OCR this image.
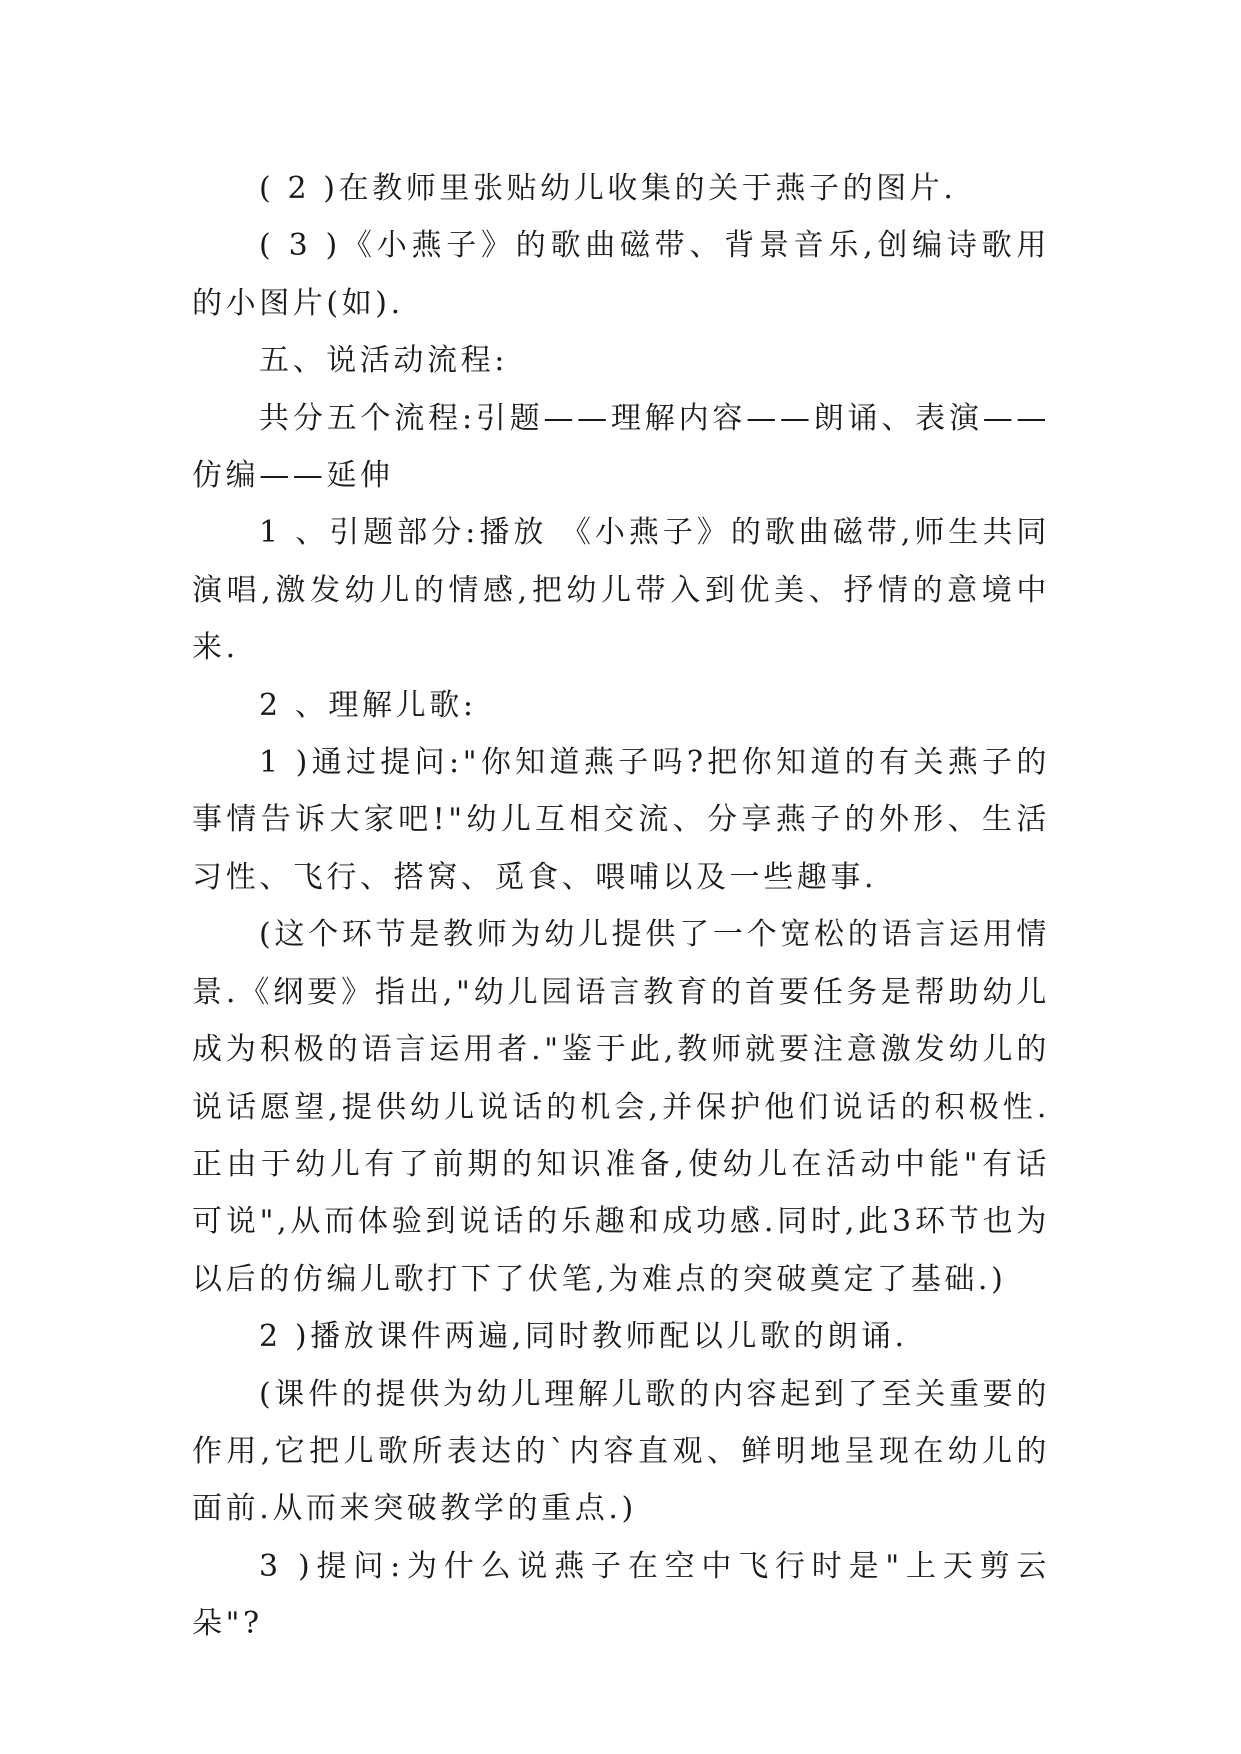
( 2 )在教师里张贴幼儿收集的关于燕子的图片.

( 3 )《小燕子》的歌曲磁带、背景音乐,创编诗歌用的小图片(如).

五、说活动流程:

共分五个流程:引题——理解内容——朗诵、表演——仿编——延伸

1 、引题部分:播放 《小燕子》的歌曲磁带,师生共同演唱,激发幼儿的情感,把幼儿带入到优美、抒情的意境中来.

2 、理解儿歌:

1 )通过提问:"你知道燕子吗?把你知道的有关燕子的事情告诉大家吧!"幼儿互相交流、分享燕子的外形、生活习性、飞行、搭窝、觅食、喂哺以及一些趣事.

(这个环节是教师为幼儿提供了一个宽松的语言运用情景.《纲要》指出,"幼儿园语言教育的首要任务是帮助幼儿成为积极的语言运用者."鉴于此,教师就要注意激发幼儿的说话愿望,提供幼儿说话的机会,并保护他们说话的积极性.正由于幼儿有了前期的知识准备,使幼儿在活动中能"有话可说",从而体验到说话的乐趣和成功感.同时,此3环节也为以后的仿编儿歌打下了伏笔,为难点的突破奠定了基础.)

2 )播放课件两遍,同时教师配以儿歌的朗诵.

(课件的提供为幼儿理解儿歌的内容起到了至关重要的作用,它把儿歌所表达的`内容直观、鲜明地呈现在幼儿的面前.从而来突破教学的重点.)

3 )提问:为什么说燕子在空中飞行时是"上天剪云朵"?
